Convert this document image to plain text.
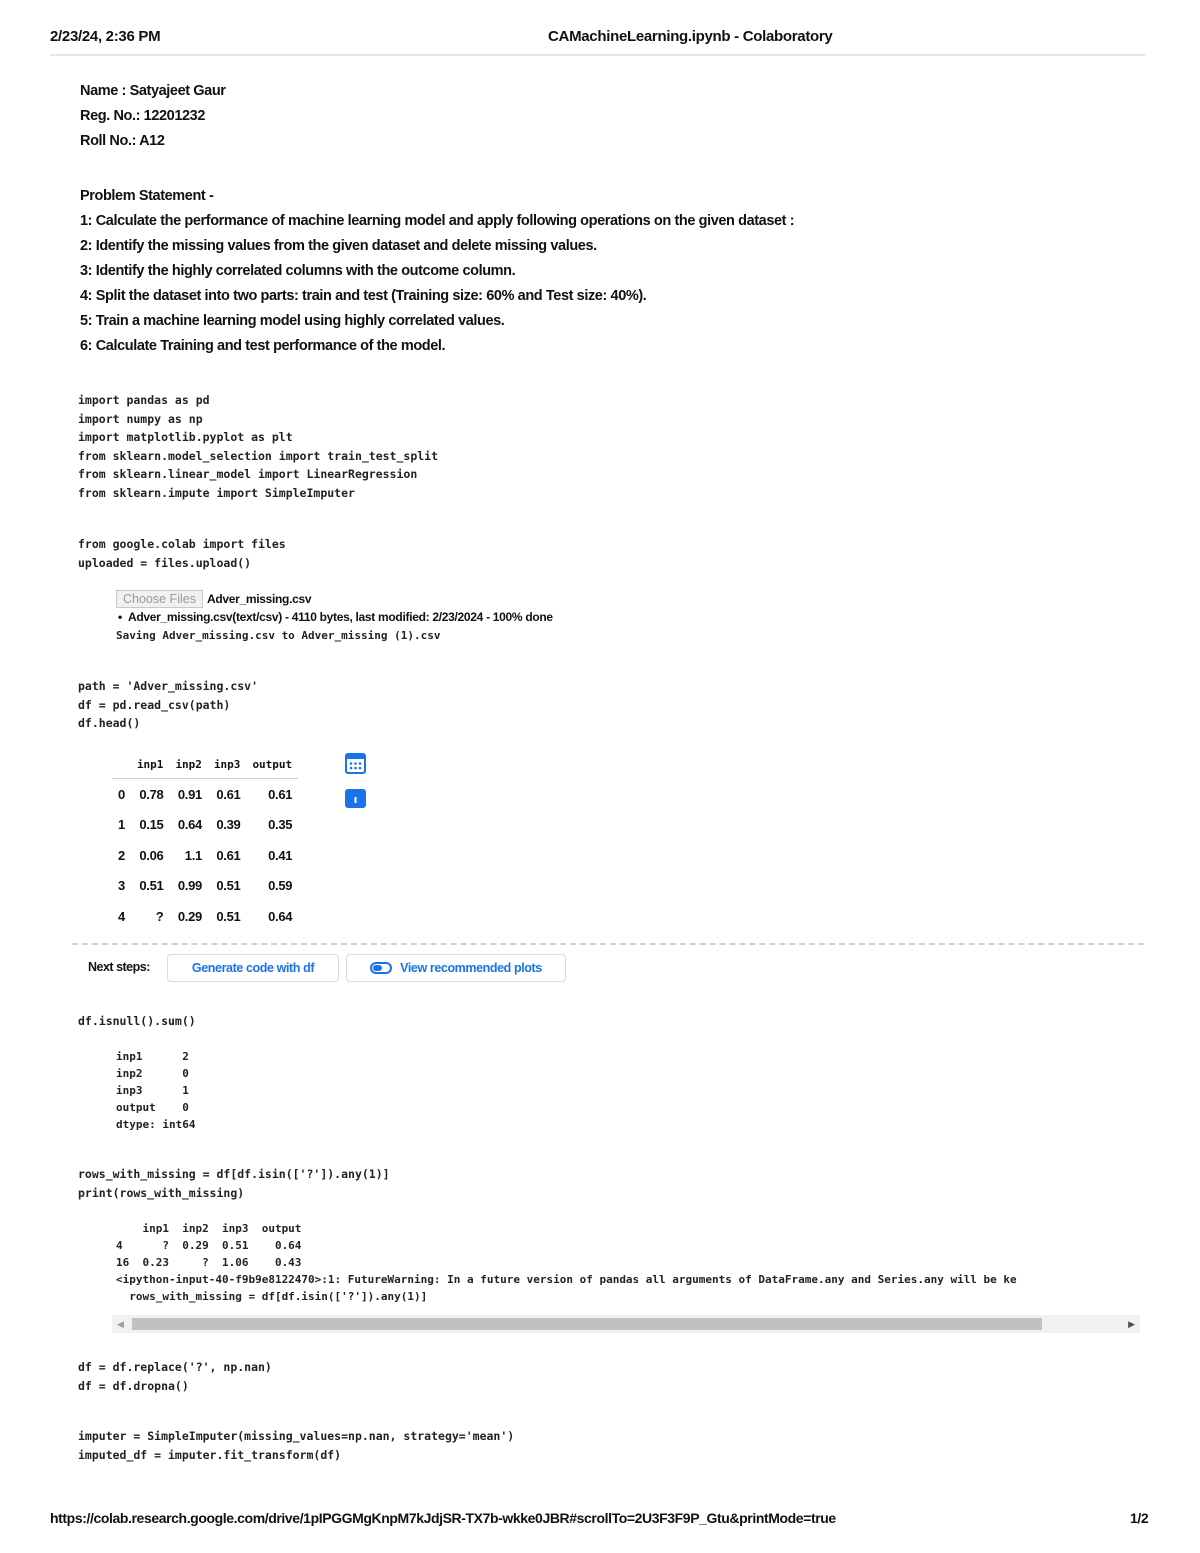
2/23/24, 2:36 PM	CAMachineLearning.ipynb - Colaboratory
Name : Satyajeet Gaur
Reg. No.: 12201232
Roll No.: A12
Problem Statement -
1: Calculate the performance of machine learning model and apply following operations on the given dataset :
2: Identify the missing values from the given dataset and delete missing values.
3: Identify the highly correlated columns with the outcome column.
4: Split the dataset into two parts: train and test (Training size: 60% and Test size: 40%).
5: Train a machine learning model using highly correlated values.
6: Calculate Training and test performance of the model.
import pandas as pd
import numpy as np
import matplotlib.pyplot as plt
from sklearn.model_selection import train_test_split
from sklearn.linear_model import LinearRegression
from sklearn.impute import SimpleImputer
from google.colab import files
uploaded = files.upload()
Choose Files Adver_missing.csv
•  Adver_missing.csv(text/csv) - 4110 bytes, last modified: 2/23/2024 - 100% done
Saving Adver_missing.csv to Adver_missing (1).csv
path = 'Adver_missing.csv'
df = pd.read_csv(path)
df.head()
	inp1	inp2	inp3	output
0	0.78	0.91	0.61	0.61
1	0.15	0.64	0.39	0.35
2	0.06	1.1	0.61	0.41
3	0.51	0.99	0.51	0.59
4	?	0.29	0.51	0.64
Next steps:	Generate code with df	View recommended plots
df.isnull().sum()
inp1      2
inp2      0
inp3      1
output    0
dtype: int64
rows_with_missing = df[df.isin(['?']).any(1)]
print(rows_with_missing)
inp1  inp2  inp3  output
4      ?  0.29  0.51    0.64
16  0.23     ?  1.06    0.43
<ipython-input-40-f9b9e8122470>:1: FutureWarning: In a future version of pandas all arguments of DataFrame.any and Series.any will be ke
rows_with_missing = df[df.isin(['?']).any(1)]
◀	▶
df = df.replace('?', np.nan)
df = df.dropna()
imputer = SimpleImputer(missing_values=np.nan, strategy='mean')
imputed_df = imputer.fit_transform(df)
https://colab.research.google.com/drive/1pIPGGMgKnpM7kJdjSR-TX7b-wkke0JBR#scrollTo=2U3F3F9P_Gtu&printMode=true	1/2
